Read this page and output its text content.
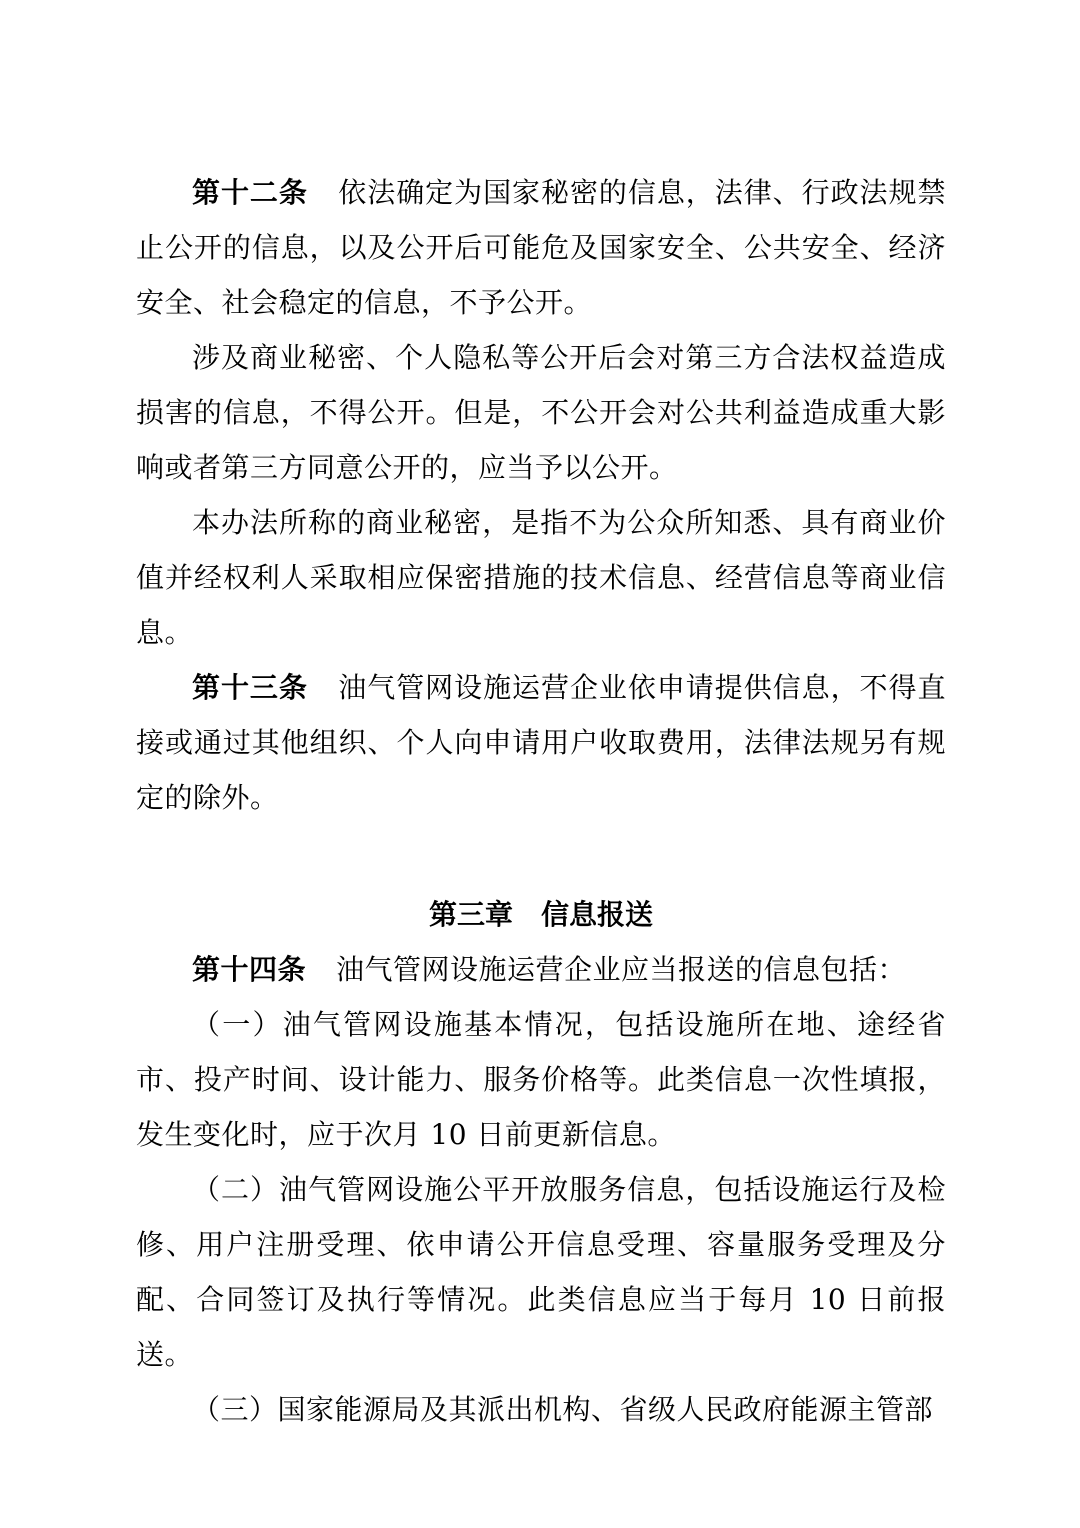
第十二条 依法确定为国家秘密的信息，法律、行政法规禁止公开的信息，以及公开后可能危及国家安全、公共安全、经济安全、社会稳定的信息，不予公开。

涉及商业秘密、个人隐私等公开后会对第三方合法权益造成损害的信息，不得公开。但是，不公开会对公共利益造成重大影响或者第三方同意公开的，应当予以公开。

本办法所称的商业秘密，是指不为公众所知悉、具有商业价值并经权利人采取相应保密措施的技术信息、经营信息等商业信息。

第十三条 油气管网设施运营企业依申请提供信息，不得直接或通过其他组织、个人向申请用户收取费用，法律法规另有规定的除外。

第三章 信息报送

第十四条 油气管网设施运营企业应当报送的信息包括：

（一）油气管网设施基本情况，包括设施所在地、途经省市、投产时间、设计能力、服务价格等。此类信息一次性填报，发生变化时，应于次月 10 日前更新信息。

（二）油气管网设施公平开放服务信息，包括设施运行及检修、用户注册受理、依申请公开信息受理、容量服务受理及分配、合同签订及执行等情况。此类信息应当于每月 10 日前报送。

（三）国家能源局及其派出机构、省级人民政府能源主管部
